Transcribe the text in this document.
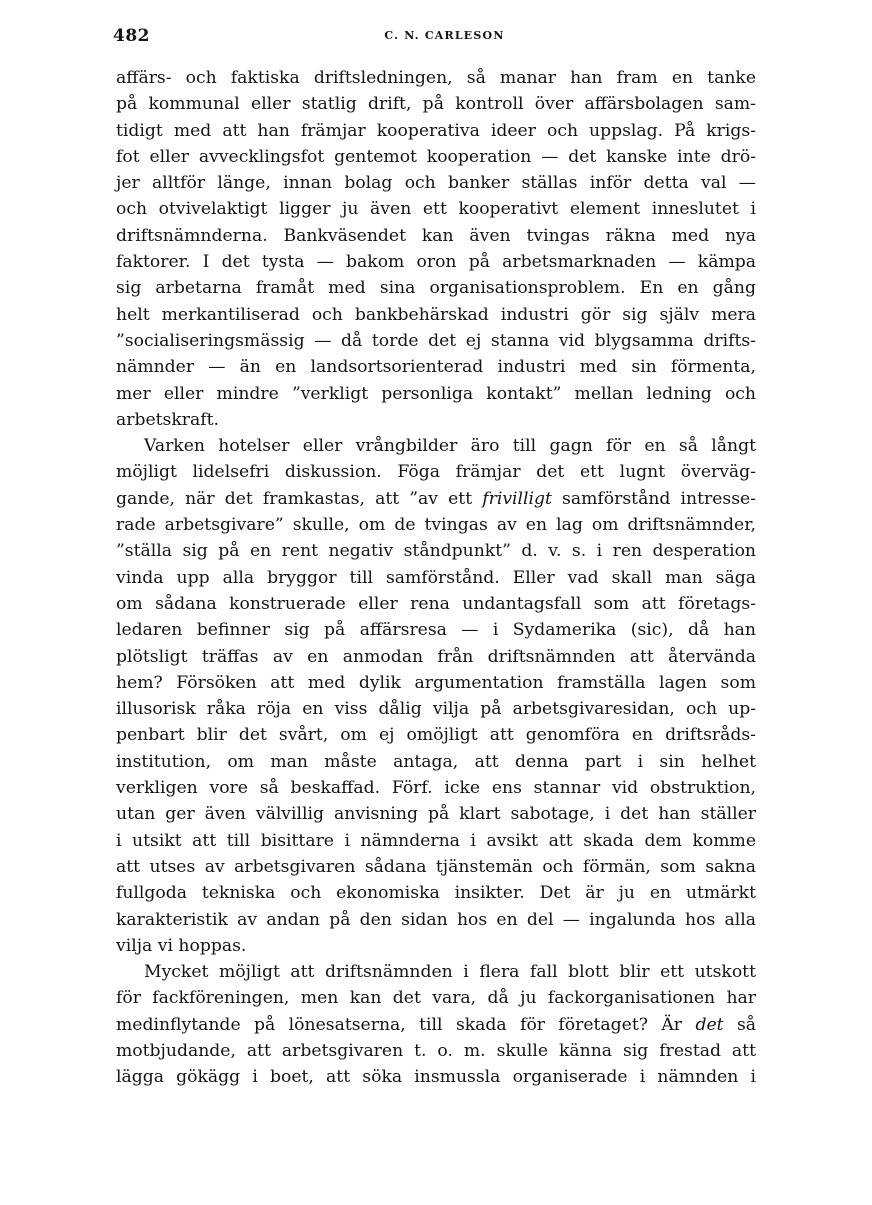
482	C. N. CARLESON
affärs- och faktiska driftsledningen, så manar han fram en tanke
på kommunal eller statlig drift, på kontroll över affärsbolagen sam-
tidigt med att han främjar kooperativa ideer och uppslag. På krigs-
fot eller avvecklingsfot gentemot kooperation — det kanske inte drö-
jer alltför länge, innan bolag och banker ställas inför detta val —
och otvivelaktigt ligger ju även ett kooperativt element inneslutet i
driftsnämnderna. Bankväsendet kan även tvingas räkna med nya
faktorer. I det tysta — bakom oron på arbetsmarknaden — kämpa
sig arbetarna framåt med sina organisationsproblem. En en gång
helt merkantiliserad och bankbehärskad industri gör sig själv mera
”socialiseringsmässig — då torde det ej stanna vid blygsamma drifts-
nämnder — än en landsortsorienterad industri med sin förmenta,
mer eller mindre ”verkligt personliga kontakt” mellan ledning och
arbetskraft.
Varken hotelser eller vrångbilder äro till gagn för en så långt
möjligt lidelsefri diskussion. Föga främjar det ett lugnt överväg-
gande, när det framkastas, att ”av ett frivilligt samförstånd intresse-
rade arbetsgivare” skulle, om de tvingas av en lag om driftsnämnder,
”ställa sig på en rent negativ ståndpunkt” d. v. s. i ren desperation
vinda upp alla bryggor till samförstånd. Eller vad skall man säga
om sådana konstruerade eller rena undantagsfall som att företags-
ledaren befinner sig på affärsresa — i Sydamerika (sic), då han
plötsligt träffas av en anmodan från driftsnämnden att återvända
hem? Försöken att med dylik argumentation framställa lagen som
illusorisk råka röja en viss dålig vilja på arbetsgivaresidan, och up-
penbart blir det svårt, om ej omöjligt att genomföra en driftsråds-
institution, om man måste antaga, att denna part i sin helhet
verkligen vore så beskaffad. Förf. icke ens stannar vid obstruktion,
utan ger även välvillig anvisning på klart sabotage, i det han ställer
i utsikt att till bisittare i nämnderna i avsikt att skada dem komme
att utses av arbetsgivaren sådana tjänstemän och förmän, som sakna
fullgoda tekniska och ekonomiska insikter. Det är ju en utmärkt
karakteristik av andan på den sidan hos en del — ingalunda hos alla
vilja vi hoppas.
Mycket möjligt att driftsnämnden i flera fall blott blir ett utskott
för fackföreningen, men kan det vara, då ju fackorganisationen har
medinflytande på lönesatserna, till skada för företaget? Är det så
motbjudande, att arbetsgivaren t. o. m. skulle känna sig frestad att
lägga gökägg i boet, att söka insmussla organiserade i nämnden i
